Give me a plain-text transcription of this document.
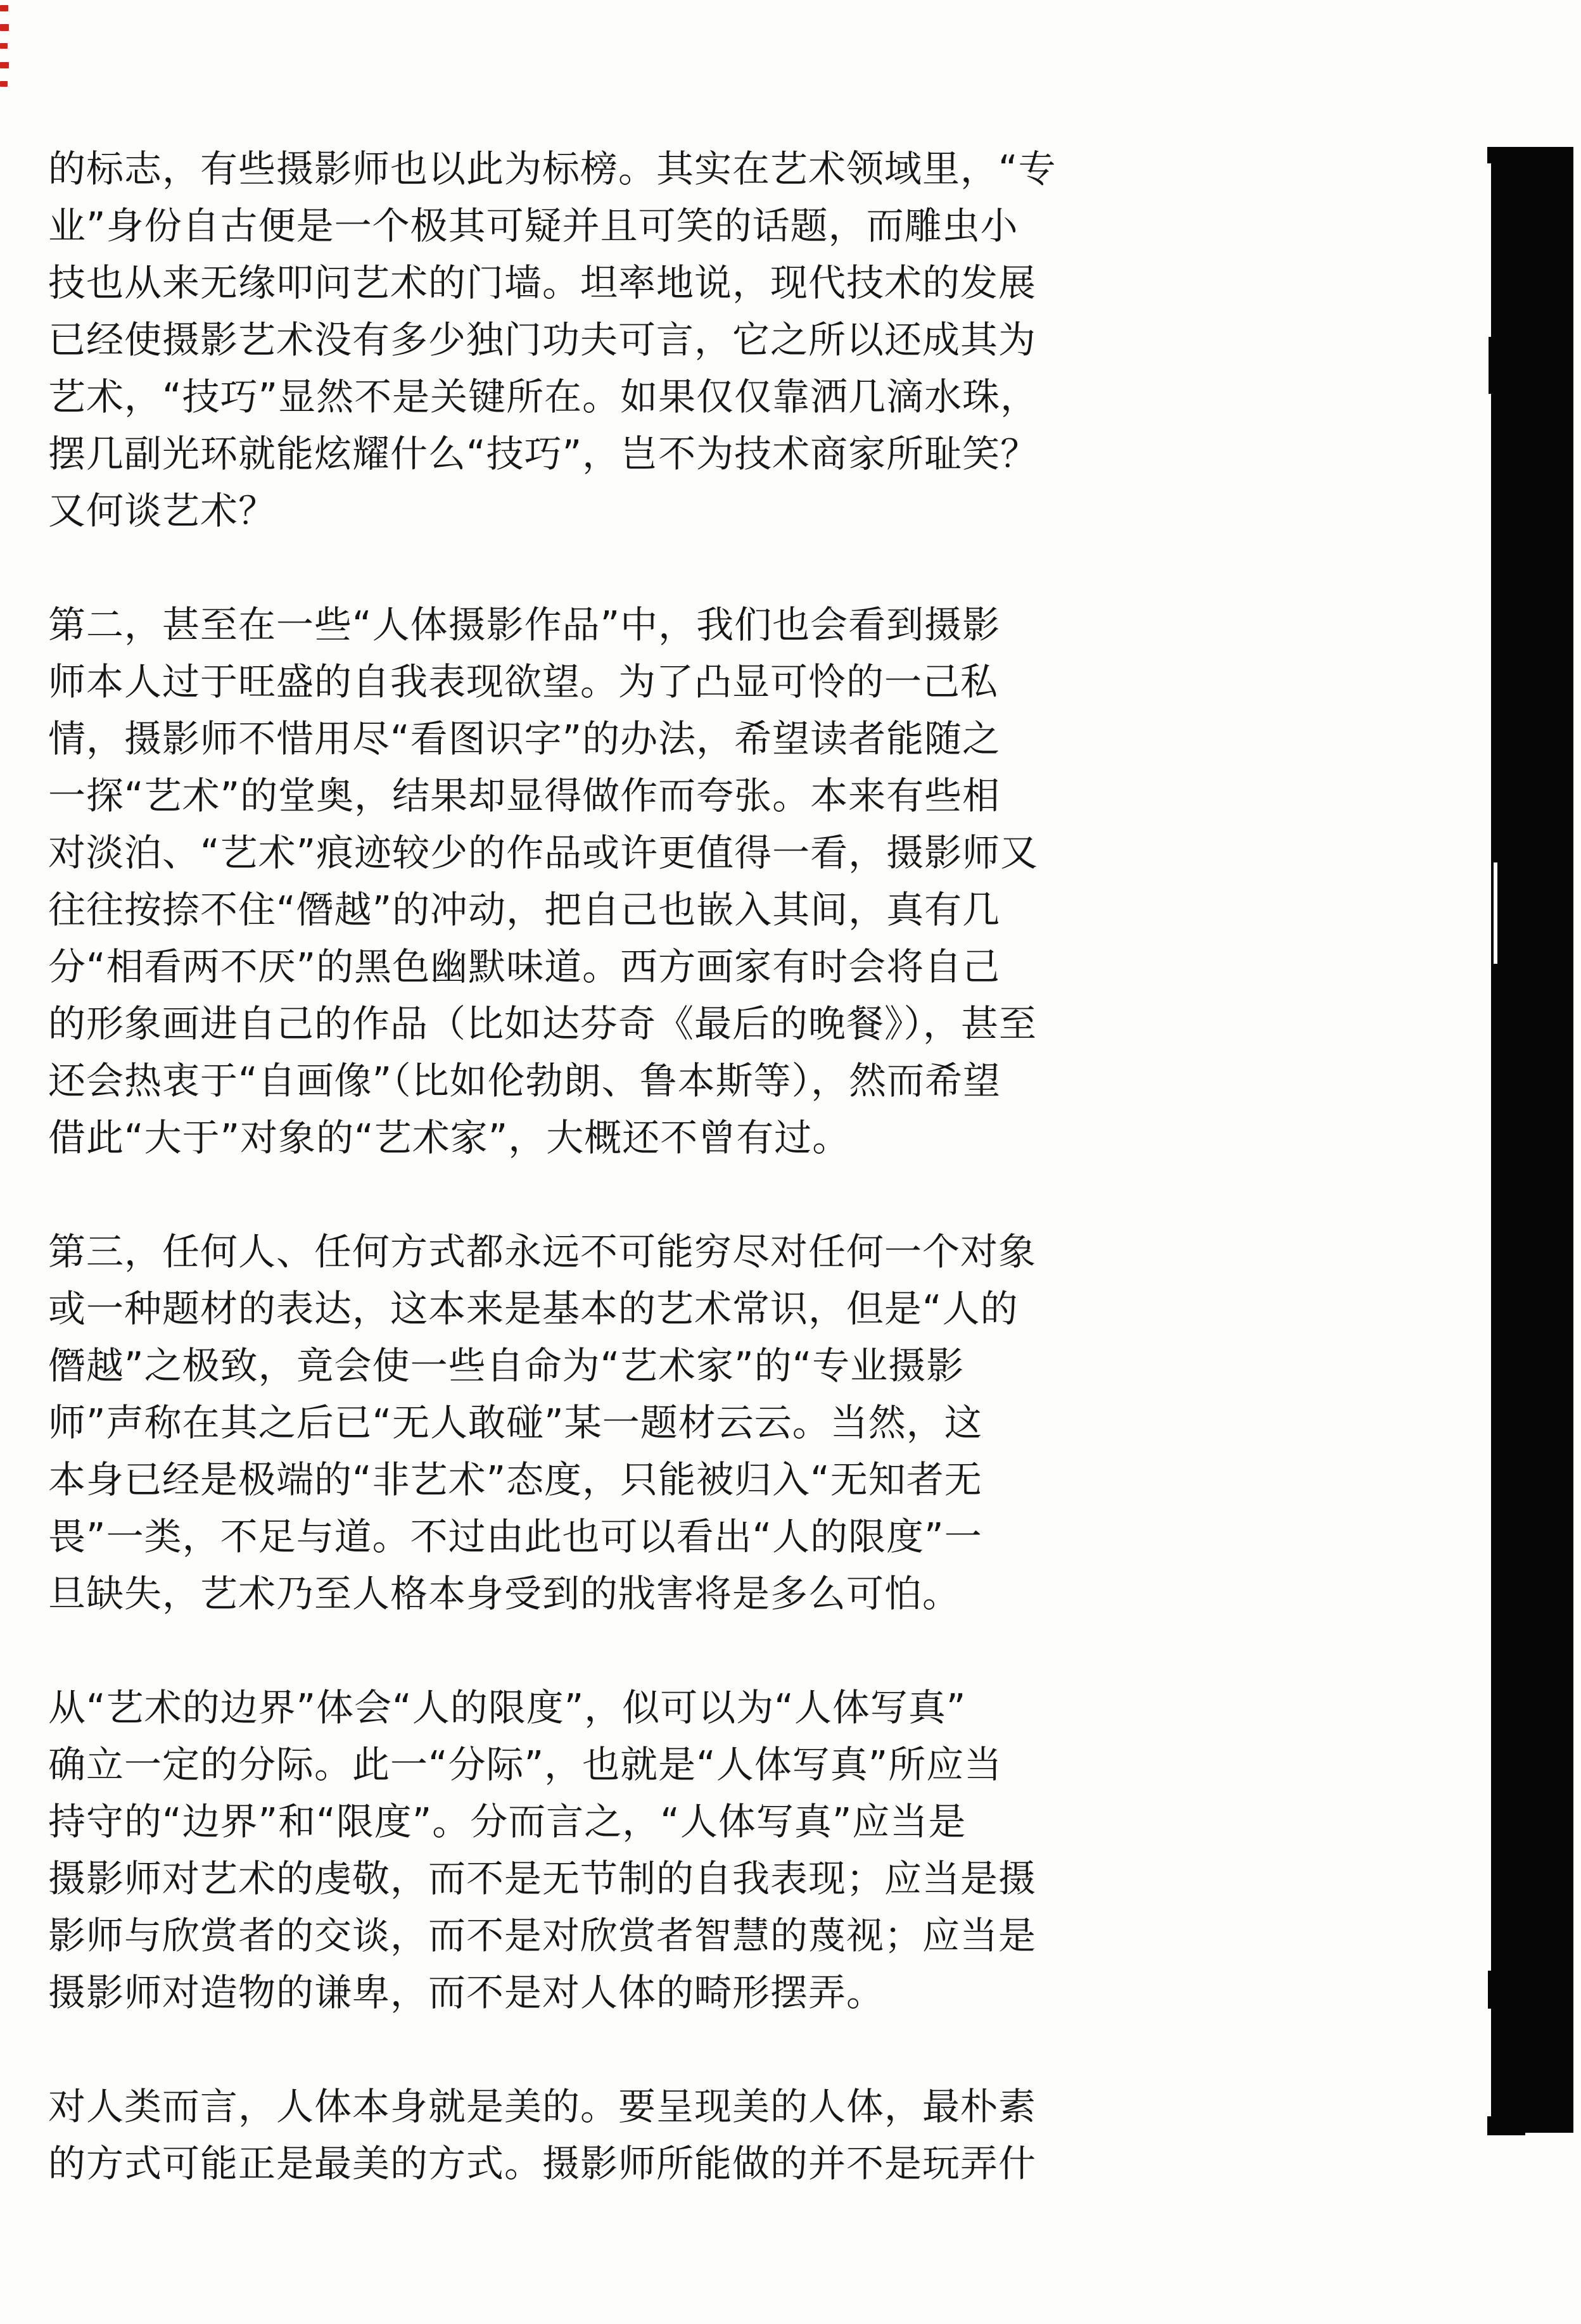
的标志，有些摄影师也以此为标榜。其实在艺术领域里，“专
业”身份自古便是一个极其可疑并且可笑的话题，而雕虫小
技也从来无缘叩问艺术的门墙。坦率地说，现代技术的发展
已经使摄影艺术没有多少独门功夫可言，它之所以还成其为
艺术，“技巧”显然不是关键所在。如果仅仅靠洒几滴水珠，
摆几副光环就能炫耀什么“技巧”，岂不为技术商家所耻笑？
又何谈艺术？
第二，甚至在一些“人体摄影作品”中，我们也会看到摄影
师本人过于旺盛的自我表现欲望。为了凸显可怜的一己私
情，摄影师不惜用尽“看图识字”的办法，希望读者能随之
一探“艺术”的堂奥，结果却显得做作而夸张。本来有些相
对淡泊、“艺术”痕迹较少的作品或许更值得一看，摄影师又
往往按捺不住“僭越”的冲动，把自己也嵌入其间，真有几
分“相看两不厌”的黑色幽默味道。西方画家有时会将自己
的形象画进自己的作品（比如达芬奇《最后的晚餐》），甚至
还会热衷于“自画像”（比如伦勃朗、鲁本斯等），然而希望
借此“大于”对象的“艺术家”，大概还不曾有过。
第三，任何人、任何方式都永远不可能穷尽对任何一个对象
或一种题材的表达，这本来是基本的艺术常识，但是“人的
僭越”之极致，竟会使一些自命为“艺术家”的“专业摄影
师”声称在其之后已“无人敢碰”某一题材云云。当然，这
本身已经是极端的“非艺术”态度，只能被归入“无知者无
畏”一类，不足与道。不过由此也可以看出“人的限度”一
旦缺失，艺术乃至人格本身受到的戕害将是多么可怕。
从“艺术的边界”体会“人的限度”，似可以为“人体写真”
确立一定的分际。此一“分际”，也就是“人体写真”所应当
持守的“边界”和“限度”。分而言之，“人体写真”应当是
摄影师对艺术的虔敬，而不是无节制的自我表现；应当是摄
影师与欣赏者的交谈，而不是对欣赏者智慧的蔑视；应当是
摄影师对造物的谦卑，而不是对人体的畸形摆弄。
对人类而言，人体本身就是美的。要呈现美的人体，最朴素
的方式可能正是最美的方式。摄影师所能做的并不是玩弄什
